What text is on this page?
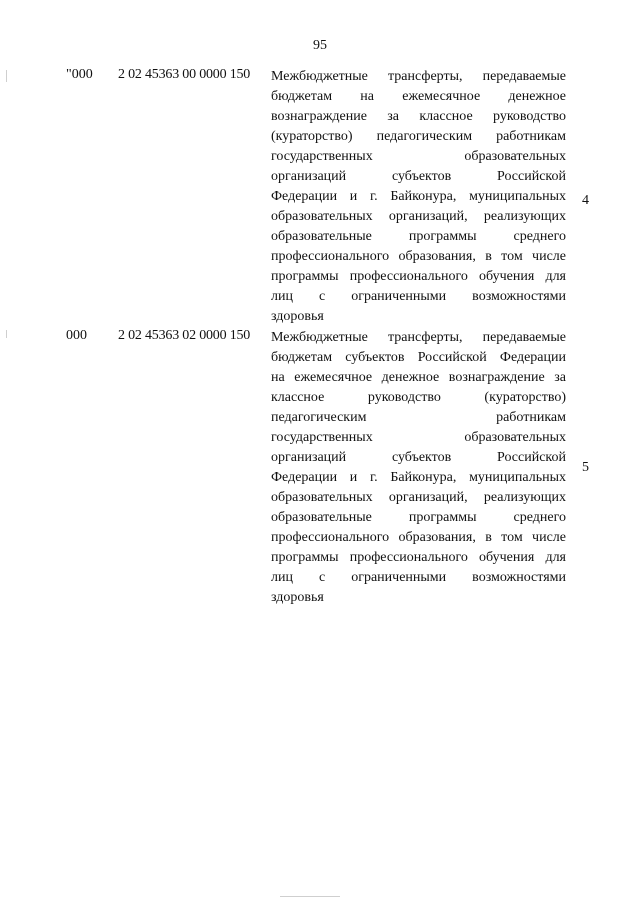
95
"000 2 02 45363 00 0000 150 Межбюджетные трансферты, передаваемые
бюджетам на ежемесячное денежное
вознаграждение за классное руководство
(кураторство) педагогическим работникам
государственных образовательных
организаций субъектов Российской
Федерации и г. Байконура, муниципальных
образовательных организаций, реализующих
образовательные программы среднего
профессионального образования, в том числе
программы профессионального обучения для
лиц с ограниченными возможностями
здоровья
4
000 2 02 45363 02 0000 150 Межбюджетные трансферты, передаваемые
бюджетам субъектов Российской Федерации
на ежемесячное денежное вознаграждение за
классное руководство (кураторство)
педагогическим работникам
государственных образовательных
организаций субъектов Российской
Федерации и г. Байконура, муниципальных
образовательных организаций, реализующих
образовательные программы среднего
профессионального образования, в том числе
программы профессионального обучения для
лиц с ограниченными возможностями
здоровья
5
